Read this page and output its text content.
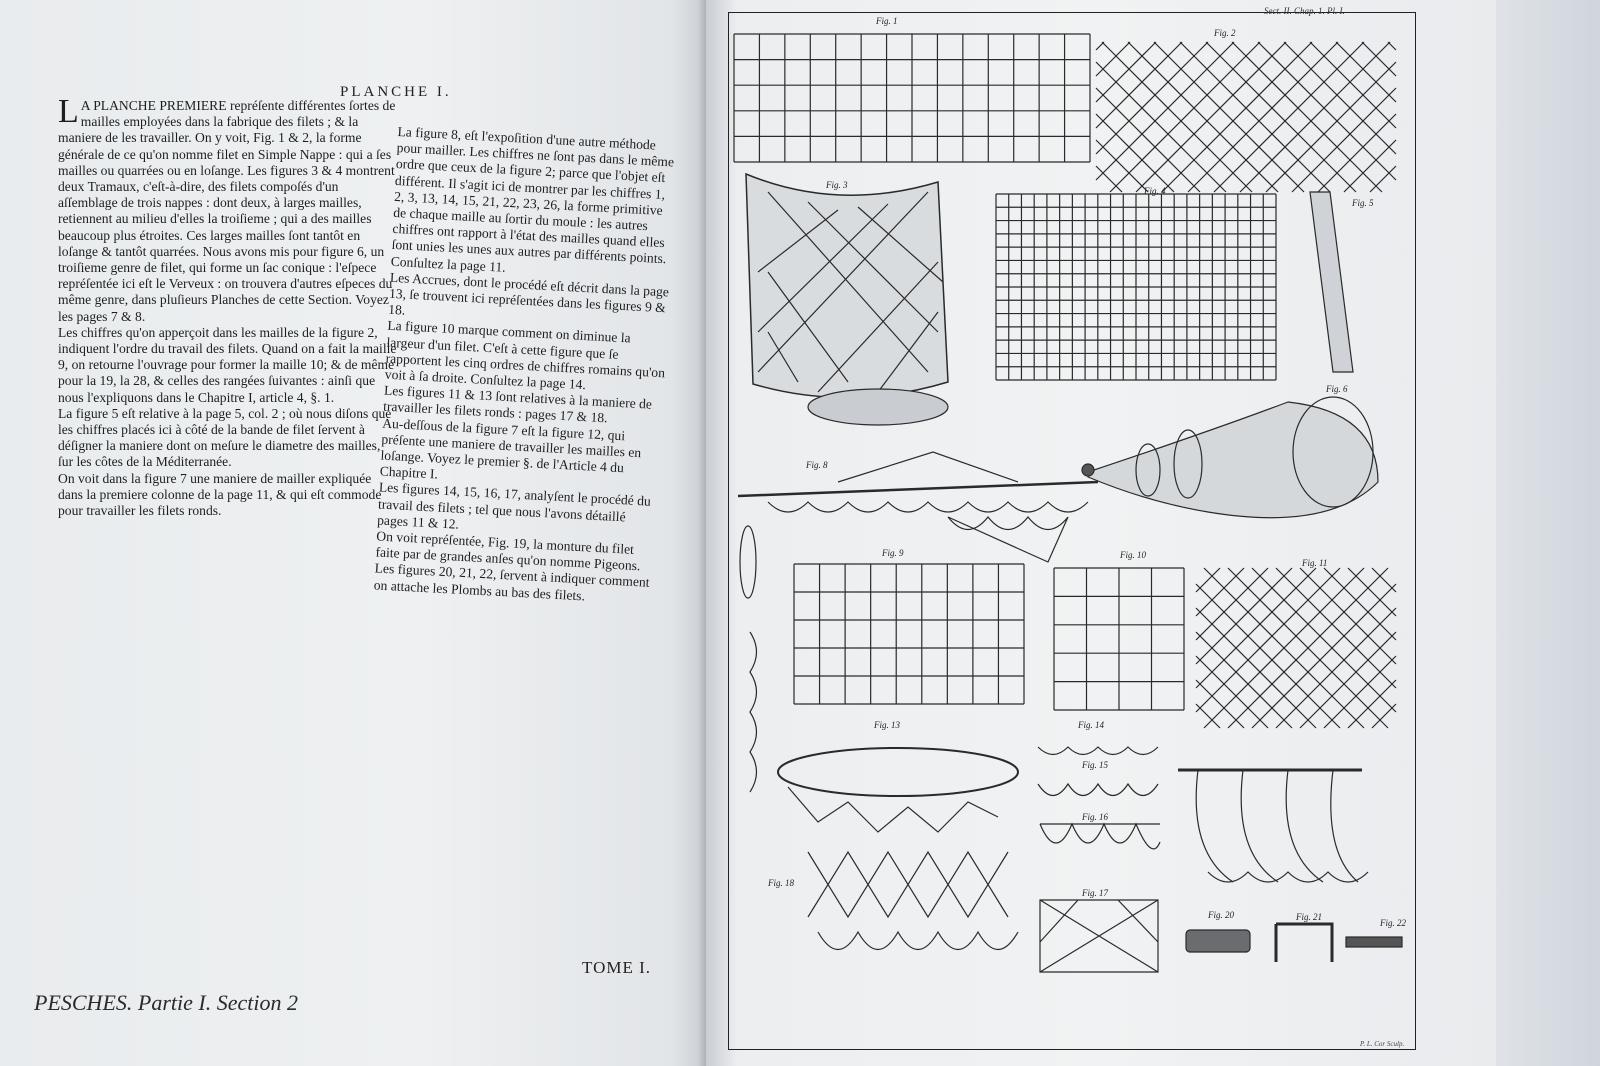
PLANCHE I.
L A PLANCHE PREMIERE repréſente différentes ſortes de mailles employées dans la fabrique des filets ; & la maniere de les travailler. On y voit, Fig. 1 & 2, la forme générale de ce qu'on nomme filet en Simple Nappe : qui a ſes mailles ou quarrées ou en loſange. Les figures 3 & 4 montrent deux Tramaux, c'eſt-à-dire, des filets compoſés d'un aſſemblage de trois nappes : dont deux, à larges mailles, retiennent au milieu d'elles la troiſieme ; qui a des mailles beaucoup plus étroites. Ces larges mailles ſont tantôt en loſange & tantôt quarrées. Nous avons mis pour figure 6, un troiſieme genre de filet, qui forme un ſac conique : l'eſpece repréſentée ici eſt le Verveux : on trouvera d'autres eſpeces du même genre, dans pluſieurs Planches de cette Section. Voyez les pages 7 & 8.
Les chiffres qu'on apperçoit dans les mailles de la figure 2, indiquent l'ordre du travail des filets. Quand on a fait la maille 9, on retourne l'ouvrage pour former la maille 10; & de même pour la 19, la 28, & celles des rangées ſuivantes : ainſi que nous l'expliquons dans le Chapitre I, article 4, §. 1.
La figure 5 eſt relative à la page 5, col. 2 ; où nous diſons que les chiffres placés ici à côté de la bande de filet ſervent à déſigner la maniere dont on meſure le diametre des mailles, ſur les côtes de la Méditerranée.
On voit dans la figure 7 une maniere de mailler expliquée dans la premiere colonne de la page 11, & qui eſt commode pour travailler les filets ronds.
La figure 8, eſt l'expoſition d'une autre méthode pour mailler. Les chiffres ne ſont pas dans le même ordre que ceux de la figure 2; parce que l'objet eſt différent. Il s'agit ici de montrer par les chiffres 1, 2, 3, 13, 14, 15, 21, 22, 23, 26, la forme primitive de chaque maille au ſortir du moule : les autres chiffres ont rapport à l'état des mailles quand elles ſont unies les unes aux autres par différents points. Conſultez la page 11.
Les Accrues, dont le procédé eſt décrit dans la page 13, ſe trouvent ici repréſentées dans les figures 9 & 18.
La figure 10 marque comment on diminue la largeur d'un filet. C'eſt à cette figure que ſe rapportent les cinq ordres de chiffres romains qu'on voit à ſa droite. Conſultez la page 14.
Les figures 11 & 13 ſont relatives à la maniere de travailler les filets ronds : pages 17 & 18.
Au-deſſous de la figure 7 eſt la figure 12, qui préſente une maniere de travailler les mailles en loſange. Voyez le premier §. de l'Article 4 du Chapitre I.
Les figures 14, 15, 16, 17, analyſent le procédé du travail des filets ; tel que nous l'avons détaillé pages 11 & 12.
On voit repréſentée, Fig. 19, la monture du filet faite par de grandes anſes qu'on nomme Pigeons.
Les figures 20, 21, 22, ſervent à indiquer comment on attache les Plombs au bas des filets.
TOME I.
PESCHES. Partie I. Section 2
Sect. II. Chap. 1. Pl. I.
P. L. Cor Sculp.
Fig. 1
Fig. 2
Fig. 3
Fig. 4
Fig. 5
Fig. 6
Fig. 8
Fig. 9	Fig. 10
Fig. 11
Fig. 13	Fig. 14
Fig. 15
Fig. 16
Fig. 17
Fig. 18
Fig. 20	Fig. 21
Fig. 22
